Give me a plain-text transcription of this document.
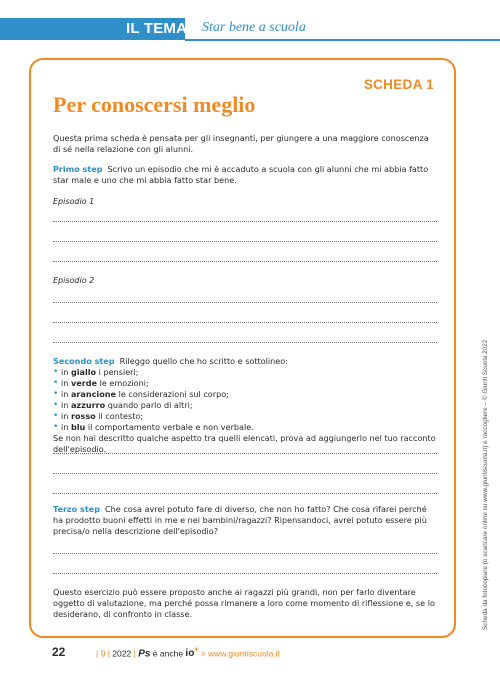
IL TEMA Star bene a scuola
SCHEDA 1
Per conoscersi meglio
Questa prima scheda è pensata per gli insegnanti, per giungere a una maggiore conoscenza di sé nella relazione con gli alunni.
Primo step Scrivo un episodio che mi è accaduto a scuola con gli alunni che mi abbia fatto star male e uno che mi abbia fatto star bene.
Episodio 1
Episodio 2
Secondo step Rileggo quello che ho scritto e sottolineo:
• in giallo i pensieri;
• in verde le emozioni;
• in arancione le considerazioni sul corpo;
• in azzurro quando parlo di altri;
• in rosso il contesto;
• in blu il comportamento verbale e non verbale.
Se non hai descritto qualche aspetto tra quelli elencati, prova ad aggiungerlo nel tuo racconto dell'episodio.
Terzo step Che cosa avrei potuto fare di diverso, che non ho fatto? Che cosa rifarei perché ha prodotto buoni effetti in me e nei bambini/ragazzi? Ripensandoci, avrei potuto essere più precisa/o nella descrizione dell'episodio?
Questo esercizio può essere proposto anche ai ragazzi più grandi, non per farlo diventare oggetto di valutazione, ma perché possa rimanere a loro come momento di riflessione e, se lo desiderano, di confronto in classe.
22	| 9 | 2022 | Ps è anche io+ > www.giuntiscuola.it
Scheda da fotocopiare (o scaricare online su www.giuntiscuola.it) e raccogliere – © Giunti Scuola 2022
